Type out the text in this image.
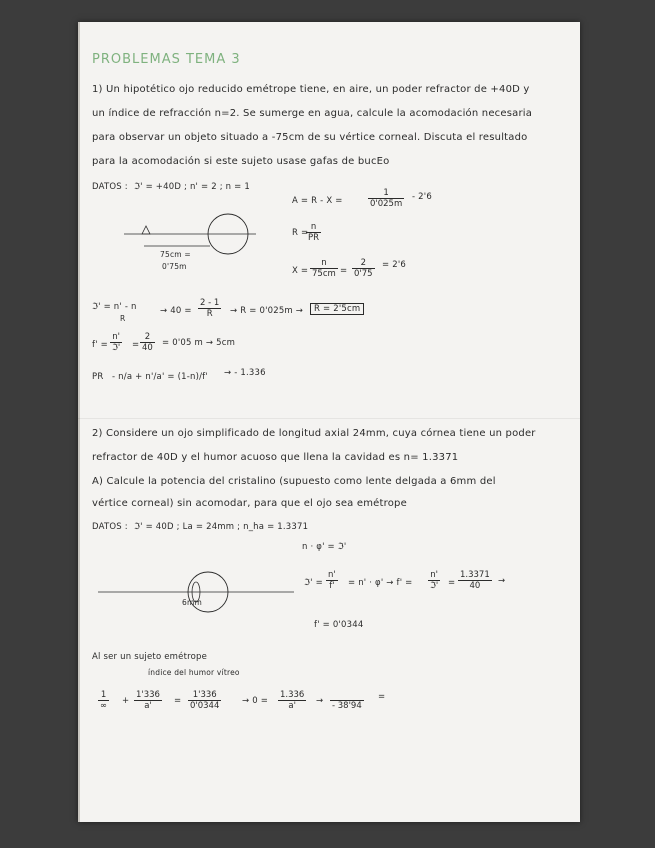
PROBLEMAS TEMA 3
1) Un hipotético ojo reducido emétrope tiene, en aire, un poder refractor de +40D y
un índice de refracción n=2. Se sumerge en agua, calcule la acomodación necesaria
para observar un objeto situado a -75cm de su vértice corneal. Discuta el resultado
para la acomodación si este sujeto usase gafas de bucEo
DATOS : ℑ' = +40D ; n' = 2 ; n = 1
A = R - X =	$\frac{1}{0'025m} - 2'6$
R =
$\frac{n}{PR}$
$X = \frac{n}{75cm} = \frac{2}{0'75} = 2'6$
75cm =
0'75m
ℑ' = n' - n
R
→ $40 = \frac{2 - 1}{R} \to R = 0'025m$ →	R = 2'5cm
f' =
n'
ℑ' = $\frac{2}{40} = 0'05$ m → 5cm
PR - n/a + n'/a' = (1-n)/f' → - 1.336
2) Considere un ojo simplificado de longitud axial 24mm, cuya córnea tiene un poder
refractor de 40D y el humor acuoso que llena la cavidad es n= 1.3371
A) Calcule la potencia del cristalino (supuesto como lente delgada a 6mm del
vértice corneal) sin acomodar, para que el ojo sea emétrope
DATOS : ℑ' = 40D ; La = 24mm ; n_ha = 1.3371
n · φ' = ℑ'
ℑ' = $\frac{n'}{f'} = n' \cdot \varphi' \to f'$ =
n'
ℑ' = $\frac{1.3371}{40}$ →
f' = 0'0344
6mm
Al ser un sujeto emétrope
índice del humor vítreo
1
∞ + $\frac{1'336}{a'} = \frac{1'336}{0'0344} \to 0 = \frac{1.336}{a'}$ →
- 38'94
=
